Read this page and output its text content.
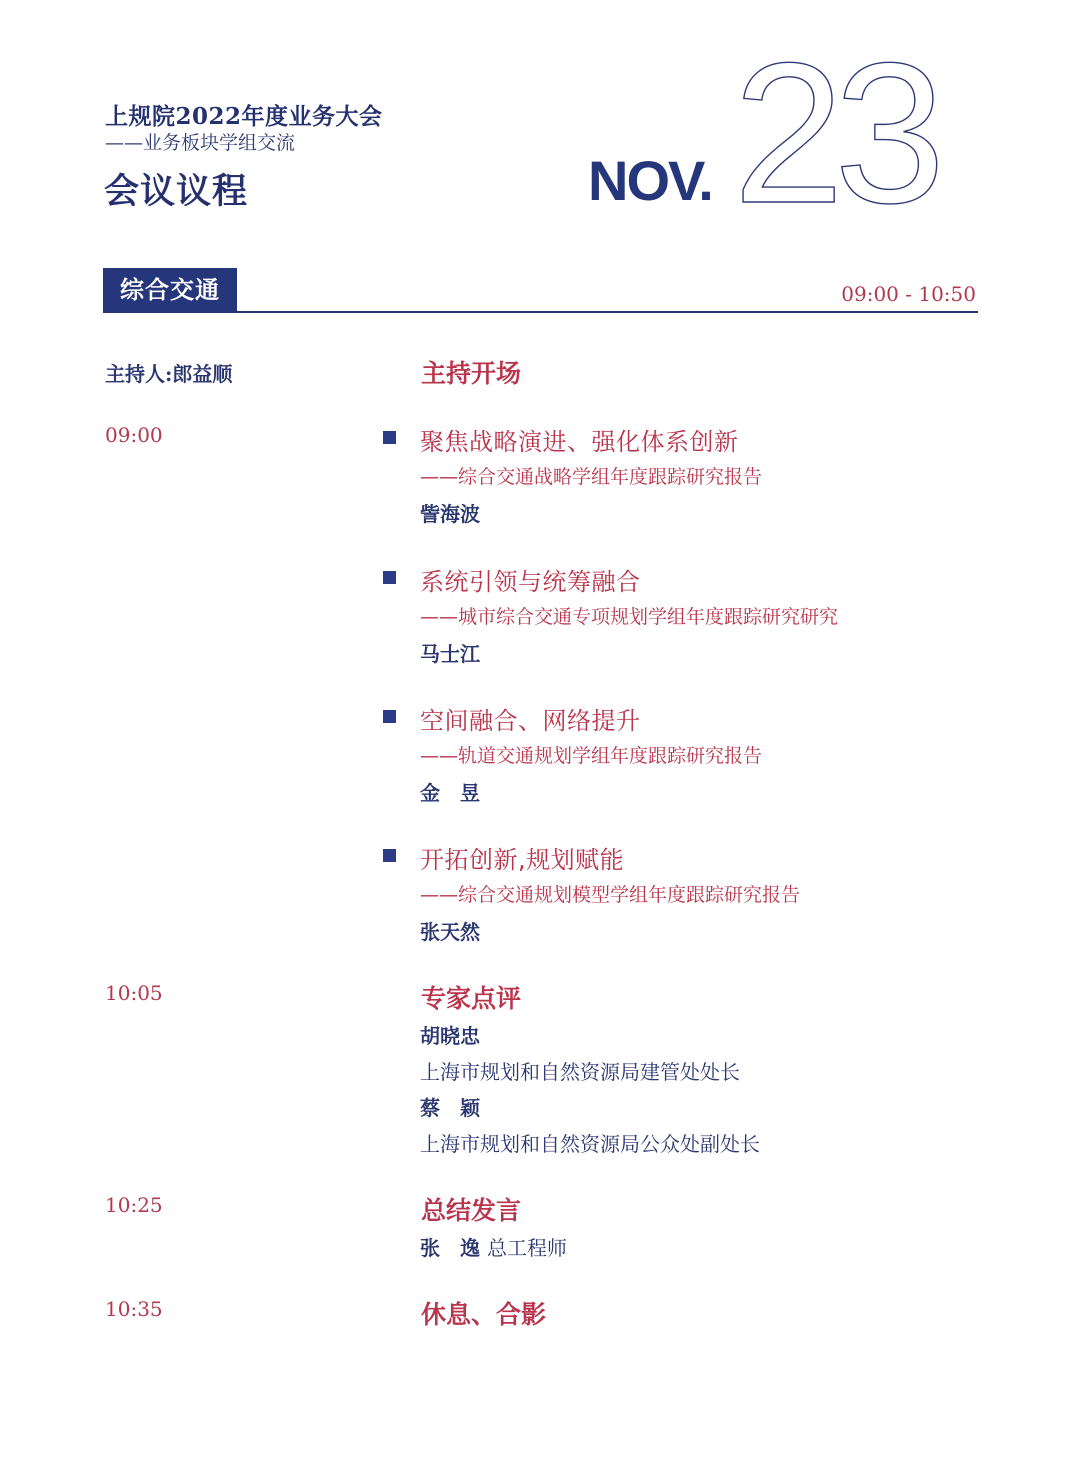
上规院2022年度业务大会
——业务板块学组交流
会议议程	NOV. 23
综合交通	09:00 - 10:50
主持人:郎益顺	主持开场
09:00	聚焦战略演进、强化体系创新
——综合交通战略学组年度跟踪研究报告
訾海波
系统引领与统筹融合
——城市综合交通专项规划学组年度跟踪研究研究
马士江
空间融合、网络提升
——轨道交通规划学组年度跟踪研究报告
金　昱
开拓创新,规划赋能
——综合交通规划模型学组年度跟踪研究报告
张天然
10:05	专家点评
胡晓忠
上海市规划和自然资源局建管处处长
蔡　颖
上海市规划和自然资源局公众处副处长
10:25	总结发言
张　逸 总工程师
10:35	休息、合影
